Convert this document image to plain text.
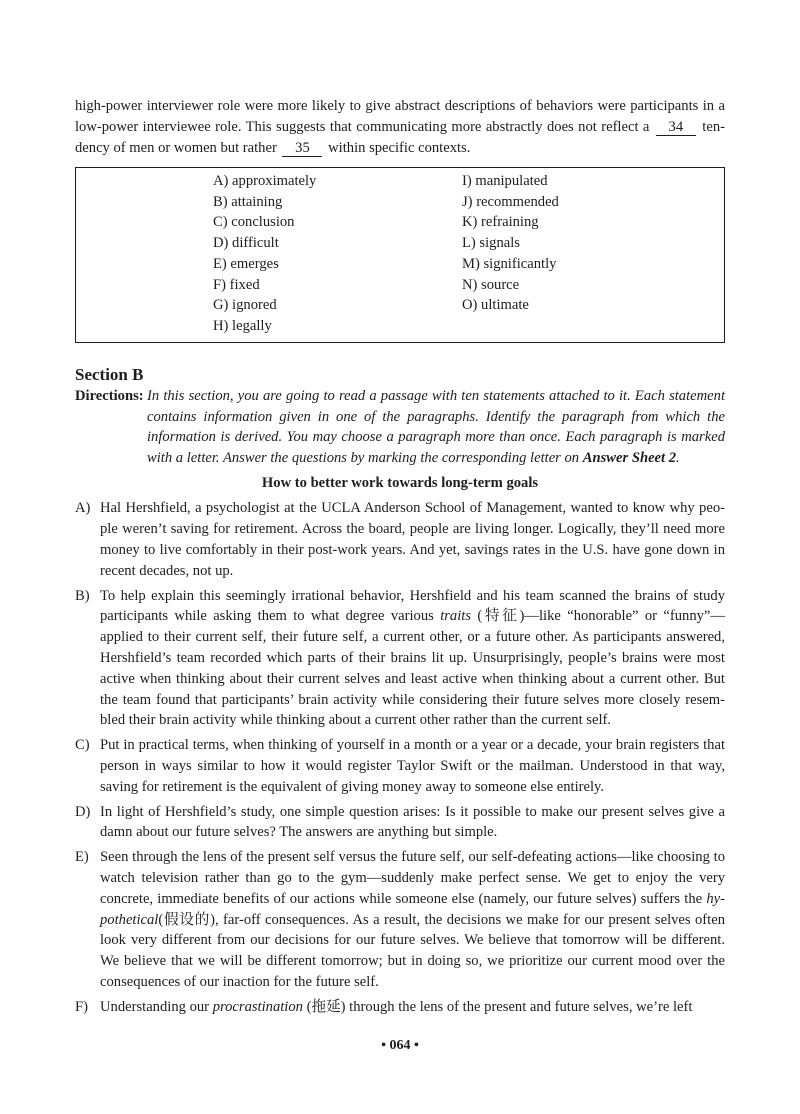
high-power interviewer role were more likely to give abstract descriptions of behaviors were participants in a low-power interviewee role. This suggests that communicating more abstractly does not reflect a 34 tendency of men or women but rather 35 within specific contexts.

A) approximately
B) attaining
C) conclusion
D) difficult
E) emerges
F) fixed
G) ignored
H) legally
I) manipulated
J) recommended
K) refraining
L) signals
M) significantly
N) source
O) ultimate
Section B
Directions: In this section, you are going to read a passage with ten statements attached to it. Each statement contains information given in one of the paragraphs. Identify the paragraph from which the information is derived. You may choose a paragraph more than once. Each paragraph is marked with a letter. Answer the questions by marking the corresponding letter on Answer Sheet 2.
How to better work towards long-term goals
A) Hal Hershfield, a psychologist at the UCLA Anderson School of Management, wanted to know why people weren’t saving for retirement. Across the board, people are living longer. Logically, they’ll need more money to live comfortably in their post-work years. And yet, savings rates in the U.S. have gone down in recent decades, not up.
B) To help explain this seemingly irrational behavior, Hershfield and his team scanned the brains of study participants while asking them to what degree various traits (特征)—like “honorable” or “funny”—applied to their current self, their future self, a current other, or a future other. As participants answered, Hershfield’s team recorded which parts of their brains lit up. Unsurprisingly, people’s brains were most active when thinking about their current selves and least active when thinking about a current other. But the team found that participants’ brain activity while considering their future selves more closely resembled their brain activity while thinking about a current other rather than the current self.
C) Put in practical terms, when thinking of yourself in a month or a year or a decade, your brain registers that person in ways similar to how it would register Taylor Swift or the mailman. Understood in that way, saving for retirement is the equivalent of giving money away to someone else entirely.
D) In light of Hershfield’s study, one simple question arises: Is it possible to make our present selves give a damn about our future selves? The answers are anything but simple.
E) Seen through the lens of the present self versus the future self, our self-defeating actions—like choosing to watch television rather than go to the gym—suddenly make perfect sense. We get to enjoy the very concrete, immediate benefits of our actions while someone else (namely, our future selves) suffers the hypothetical(假设的), far-off consequences. As a result, the decisions we make for our present selves often look very different from our decisions for our future selves. We believe that tomorrow will be different. We believe that we will be different tomorrow; but in doing so, we prioritize our current mood over the consequences of our inaction for the future self.
F) Understanding our procrastination (拖延) through the lens of the present and future selves, we’re left
• 064 •
